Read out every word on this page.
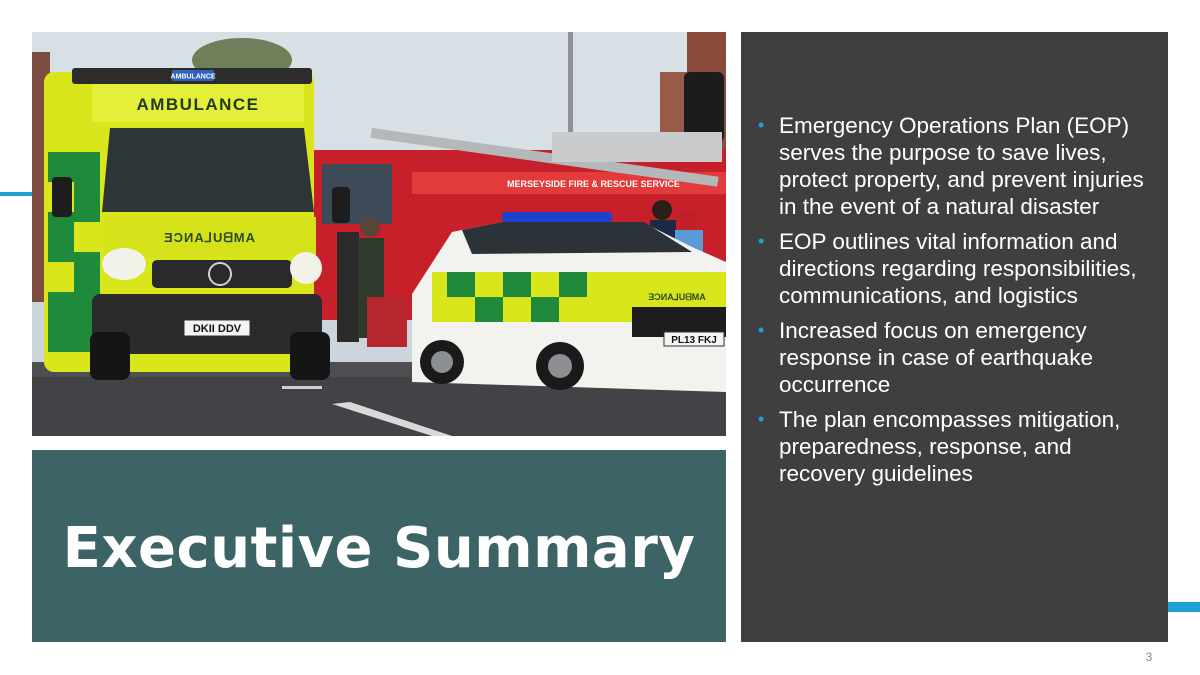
MERSEYSIDE FIRE & RESCUE SERVICE
AMBULANCE
AMBULANCE
ƎƆИA⅃UᗺMA
DKII DDV
ƎƆИA⅃UᗺMA
PL13 FKJ
Executive Summary
• Emergency Operations Plan (EOP) serves the purpose to save lives, protect property, and prevent injuries in the event of a natural disaster
• EOP outlines vital information and directions regarding responsibilities, communications, and logistics
• Increased focus on emergency response in case of earthquake occurrence
• The plan encompasses mitigation, preparedness, response, and recovery guidelines
3
